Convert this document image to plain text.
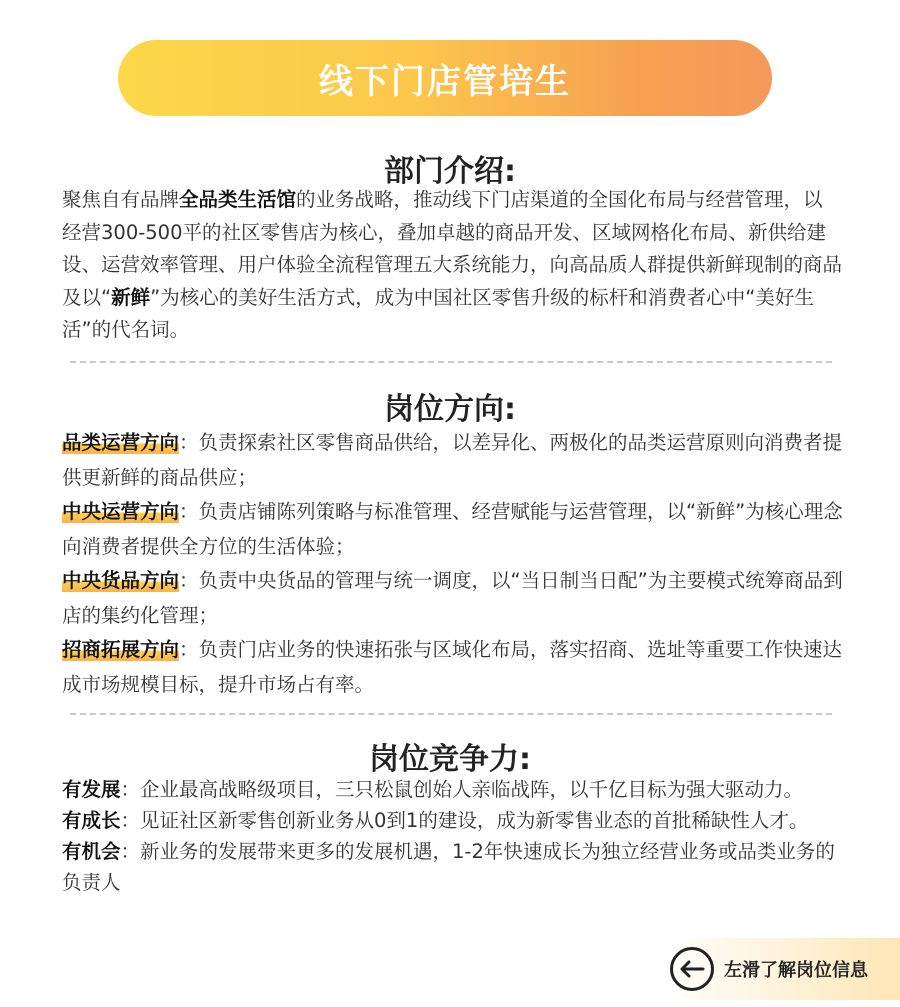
线下门店管培生
部门介绍:

聚焦自有品牌全品类生活馆的业务战略，推动线下门店渠道的全国化布局与经营管理，以经营300-500平的社区零售店为核心，叠加卓越的商品开发、区域网格化布局、新供给建设、运营效率管理、用户体验全流程管理五大系统能力，向高品质人群提供新鲜现制的商品及以“新鲜”为核心的美好生活方式，成为中国社区零售升级的标杆和消费者心中“美好生活”的代名词。

岗位方向:

品类运营方向：负责探索社区零售商品供给，以差异化、两极化的品类运营原则向消费者提供更新鲜的商品供应；

中央运营方向：负责店铺陈列策略与标准管理、经营赋能与运营管理，以“新鲜”为核心理念向消费者提供全方位的生活体验；

中央货品方向：负责中央货品的管理与统一调度，以“当日制当日配”为主要模式统筹商品到店的集约化管理；

招商拓展方向：负责门店业务的快速拓张与区域化布局，落实招商、选址等重要工作快速达成市场规模目标，提升市场占有率。

岗位竞争力:

有发展：企业最高战略级项目，三只松鼠创始人亲临战阵，以千亿目标为强大驱动力。

有成长：见证社区新零售创新业务从0到1的建设，成为新零售业态的首批稀缺性人才。

有机会：新业务的发展带来更多的发展机遇，1-2年快速成长为独立经营业务或品类业务的负责人

左滑了解岗位信息
